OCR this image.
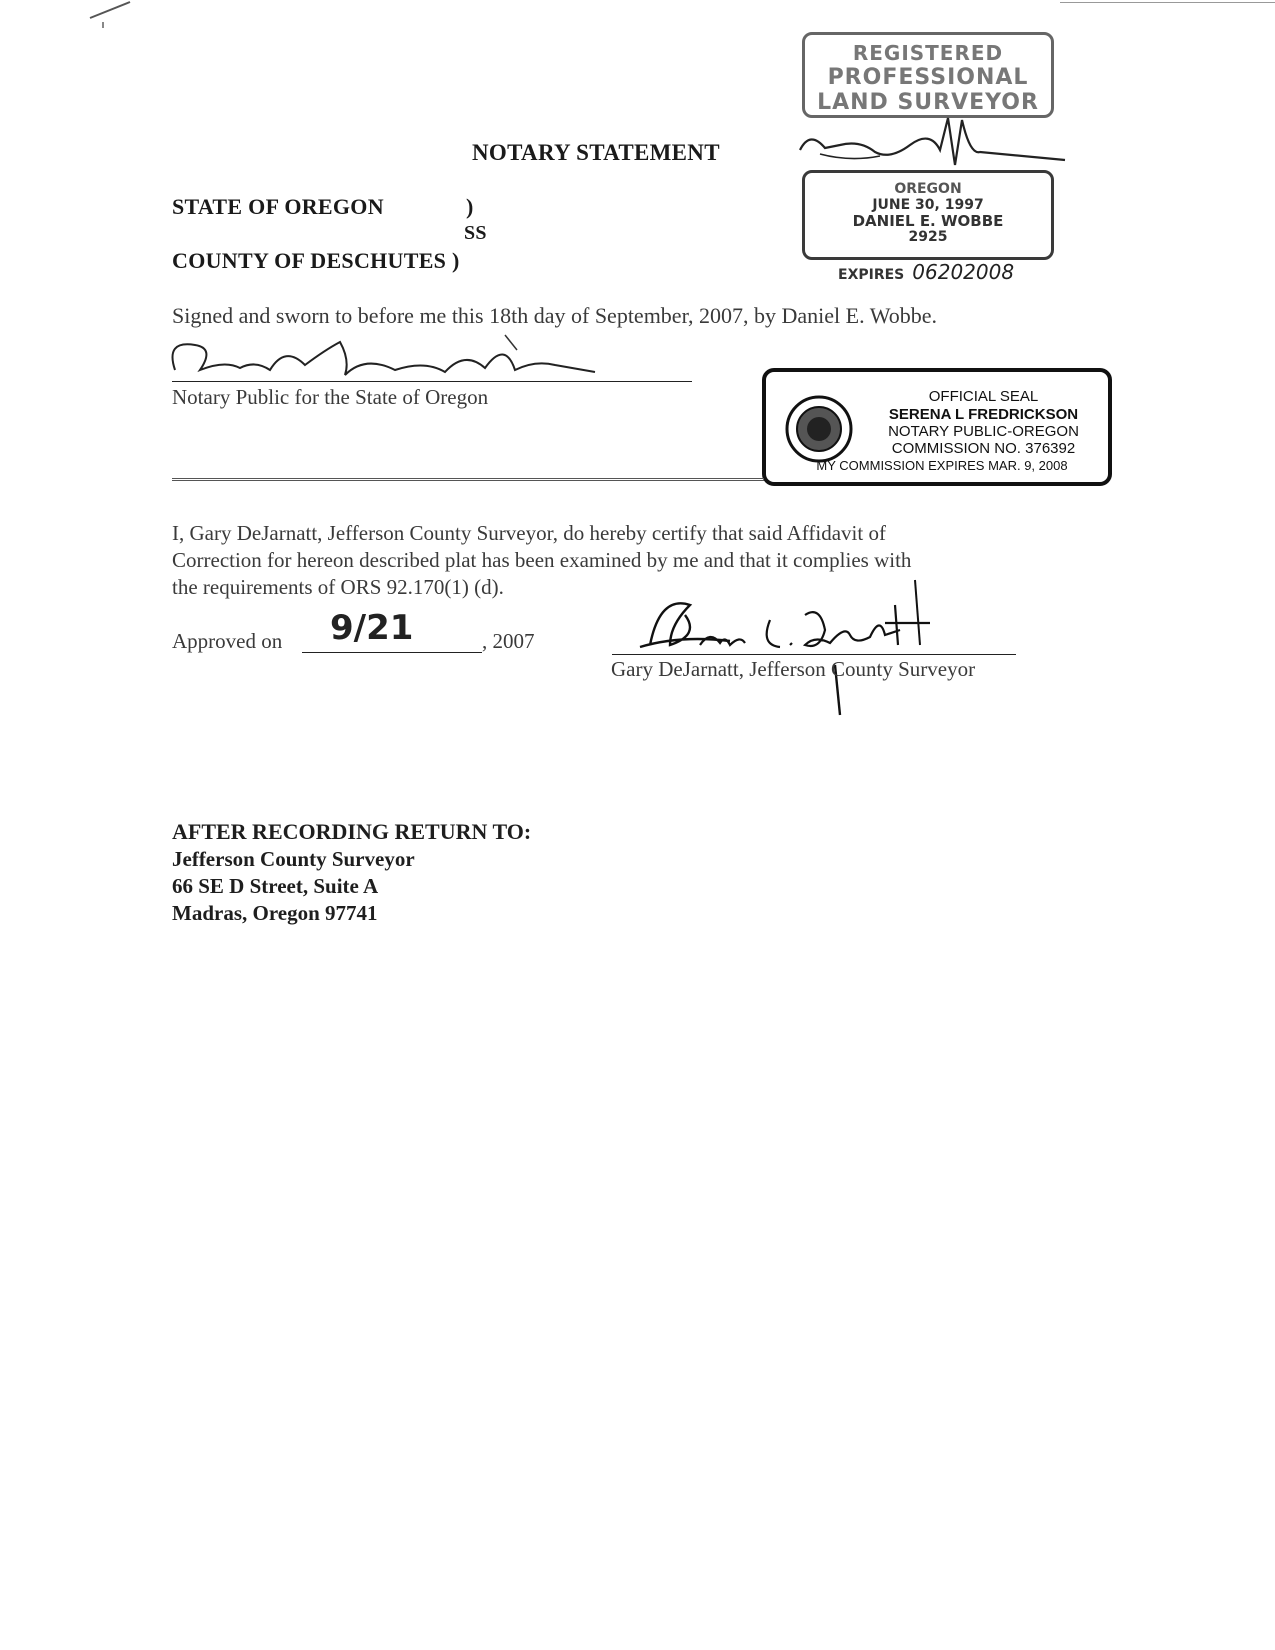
REGISTERED
PROFESSIONAL
LAND SURVEYOR
OREGON
JUNE 30, 1997
DANIEL E. WOBBE
2925
EXPIRES 06202008
NOTARY STATEMENT
STATE OF OREGON	)
SS
COUNTY OF DESCHUTES )
Signed and sworn to before me this 18th day of September, 2007, by Daniel E. Wobbe.
Notary Public for the State of Oregon	OFFICIAL SEAL
SERENA L FREDRICKSON
NOTARY PUBLIC-OREGON
COMMISSION NO. 376392
MY COMMISSION EXPIRES MAR. 9, 2008
I, Gary DeJarnatt, Jefferson County Surveyor, do hereby certify that said Affidavit of
Correction for hereon described plat has been examined by me and that it complies with
the requirements of ORS 92.170(1) (d).
Approved on 9/21	, 2007
Gary DeJarnatt, Jefferson County Surveyor
AFTER RECORDING RETURN TO:
Jefferson County Surveyor
66 SE D Street, Suite A
Madras, Oregon 97741
